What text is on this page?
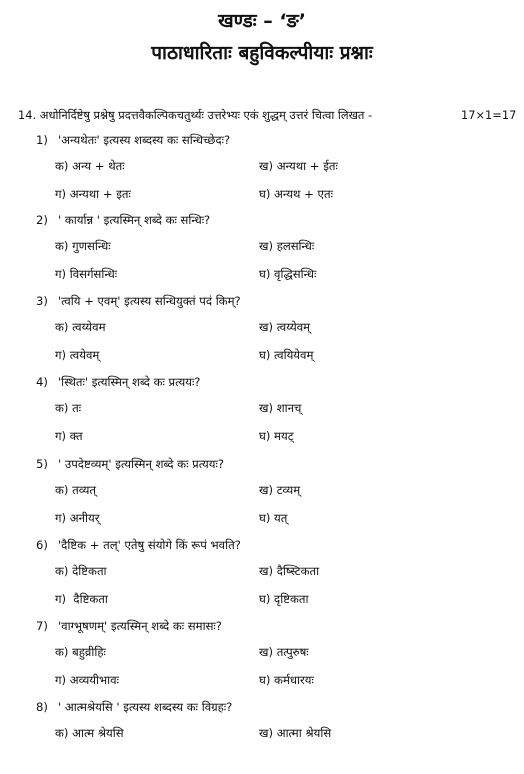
खण्डः – ‘ङ’
पाठाधारिताः बहुविकल्पीयाः प्रश्नाः
14. अधोनिर्दिष्टेषु प्रश्नेषु प्रदत्तवैकल्पिकचतुर्थ्यः उत्तरेभ्यः एकं शुद्धम् उत्तरं चित्वा लिखत -	17×1=17
1) 'अन्यथेतः' इत्यस्य शब्दस्य कः सन्धिच्छेदः?
क) अन्य + थेतः	ख) अन्यथा + ईतः
ग) अन्यथा + इतः	घ) अन्यथ + एतः
2) ' कार्यान्न ' इत्यस्मिन् शब्दे कः सन्धिः?
क) गुणसन्धिः	ख) हलसन्धिः
ग) विसर्गसन्धिः	घ) वृद्धिसन्धिः
3) 'त्वयि + एवम्' इत्यस्य सन्धियुक्तं पदं किम्?
क) त्वय्येवम	ख) त्वय्येवम्
ग) त्वयेवम्	घ) त्वयियेवम्
4) 'स्थितः' इत्यस्मिन् शब्दे कः प्रत्ययः?
क) तः	ख) शानच्
ग) क्त	घ) मयट्
5) ' उपदेष्टव्यम्' इत्यस्मिन् शब्दे कः प्रत्ययः?
क) तव्यत्	ख) टव्यम्
ग) अनीयर्	घ) यत्
6) 'दैष्टिक + तल्' एतेषु संयोगे किं रूपं भवति?
क) देष्टिकता	ख) दैष्स्टिकता
ग)  दैष्टिकता	घ) दृष्टिकता
7) 'वाग्भूषणम्' इत्यस्मिन् शब्दे कः समासः?
क) बहुव्रीहिः	ख) तत्पुरुषः
ग) अव्ययीभावः	घ) कर्मधारयः
8) ' आत्मश्रेयसि ' इत्यस्य शब्दस्य कः विग्रहः?
क) आत्म श्रेयसि	ख) आत्मा श्रेयसि
